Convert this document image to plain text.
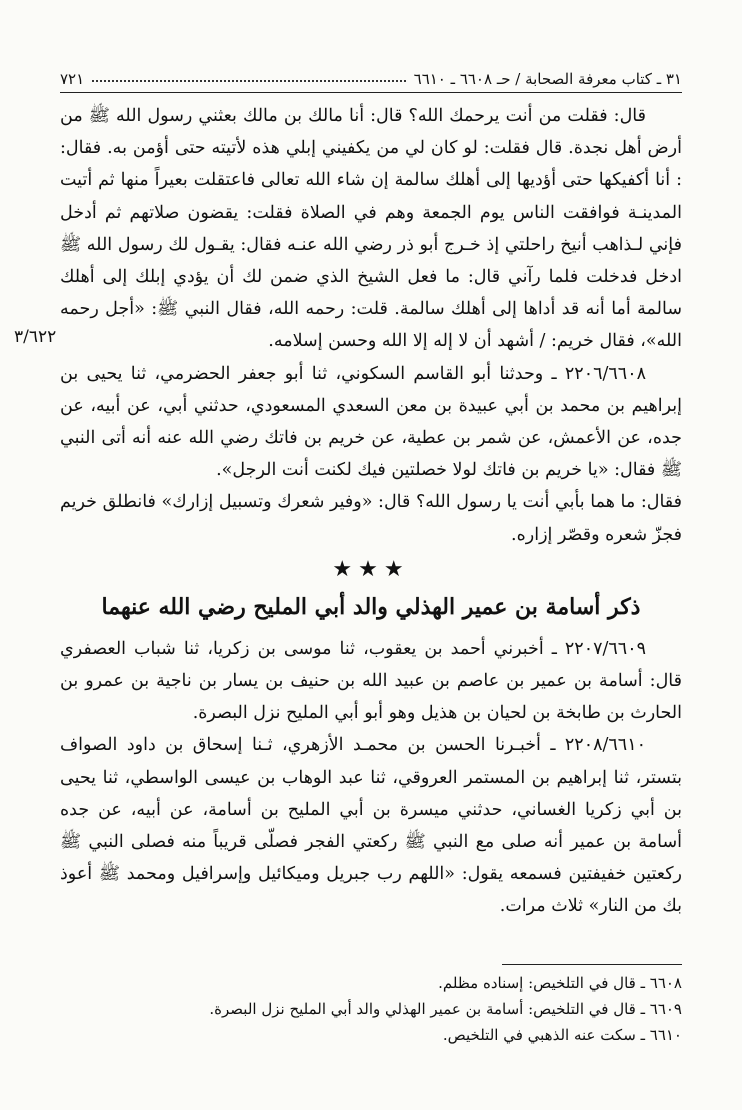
٣١ ـ كتاب معرفة الصحابة / حـ ٦٦٠٨ ـ ٦٦١٠
٧٢١
٣/٦٢٢

قال: فقلت من أنت يرحمك الله؟ قال: أنا مالك بن مالك بعثني رسول الله ﷺ من أرض أهل نجدة. قال فقلت: لو كان لي من يكفيني إبلي هذه لأتيته حتى أؤمن به. فقال: : أنا أكفيكها حتى أؤديها إلى أهلك سالمة إن شاء الله تعالى فاعتقلت بعيراً منها ثم أتيت المدينـة فوافقت الناس يوم الجمعة وهم في الصلاة فقلت: يقضون صلاتهم ثم أدخل فإني لـذاهب أنيخ راحلتي إذ خـرج أبو ذر رضي الله عنـه فقال: يقـول لك رسول الله ﷺ ادخل فدخلت فلما رآني قال: ما فعل الشيخ الذي ضمن لك أن يؤدي إبلك إلى أهلك سالمة أما أنه قد أداها إلى أهلك سالمة. قلت: رحمه الله، فقال النبي ﷺ: «أجل رحمه الله»، فقال خريم: / أشهد أن لا إله إلا الله وحسن إسلامه.

٢٢٠٦/٦٦٠٨ ـ وحدثنا أبو القاسم السكوني، ثنا أبو جعفر الحضرمي، ثنا يحيى بن إبراهيم بن محمد بن أبي عبيدة بن معن السعدي المسعودي، حدثني أبي، عن أبيه، عن جده، عن الأعمش، عن شمر بن عطية، عن خريم بن فاتك رضي الله عنه أنه أتى النبي ﷺ فقال: «يا خريم بن فاتك لولا خصلتين فيك لكنت أنت الرجل».

فقال: ما هما بأبي أنت يا رسول الله؟ قال: «وفير شعرك وتسبيل إزارك» فانطلق خريم فجزّ شعره وقصّر إزاره.

★★★
ذكر أسامة بن عمير الهذلي والد أبي المليح رضي الله عنهما

٢٢٠٧/٦٦٠٩ ـ أخبرني أحمد بن يعقوب، ثنا موسى بن زكريا، ثنا شباب العصفري قال: أسامة بن عمير بن عاصم بن عبيد الله بن حنيف بن يسار بن ناجية بن عمرو بن الحارث بن طابخة بن لحيان بن هذيل وهو أبو أبي المليح نزل البصرة.

٢٢٠٨/٦٦١٠ ـ أخبـرنا الحسن بن محمـد الأزهري، ثـنا إسحاق بن داود الصواف بتستر، ثنا إبراهيم بن المستمر العروقي، ثنا عبد الوهاب بن عيسى الواسطي، ثنا يحيى بن أبي زكريا الغساني، حدثني ميسرة بن أبي المليح بن أسامة، عن أبيه، عن جده أسامة بن عمير أنه صلى مع النبي ﷺ ركعتي الفجر فصلّى قريباً منه فصلى النبي ﷺ ركعتين خفيفتين فسمعه يقول: «اللهم رب جبريل وميكائيل وإسرافيل ومحمد ﷺ أعوذ بك من النار» ثلاث مرات.

٦٦٠٨ ـ قال في التلخيص: إسناده مظلم.

٦٦٠٩ ـ قال في التلخيص: أسامة بن عمير الهذلي والد أبي المليح نزل البصرة.

٦٦١٠ ـ سكت عنه الذهبي في التلخيص.
